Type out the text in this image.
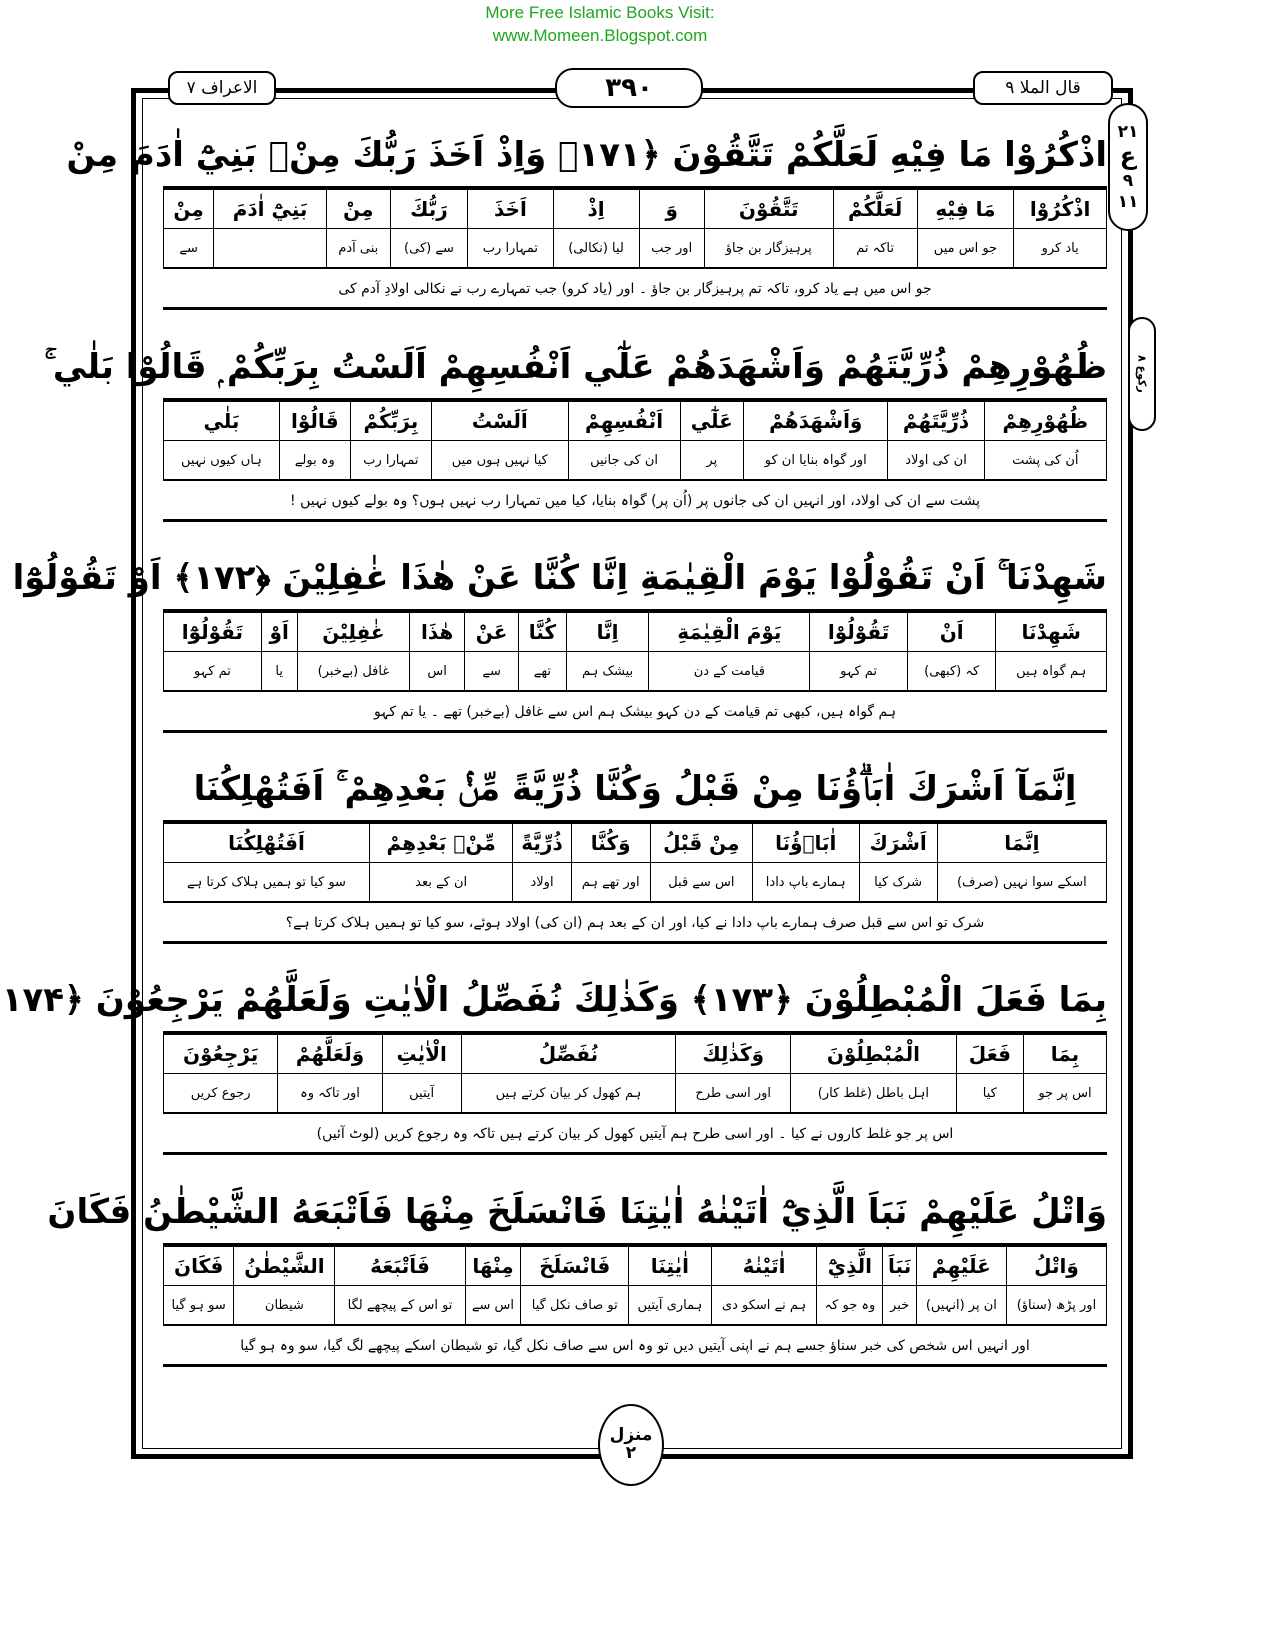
More Free Islamic Books Visit:
www.Momeen.Blogspot.com
قال الملا ۹
۳۹۰
الاعراف ۷
۲۱
ع
۹
۱۱
رکوع ۸
اذْكُرُوْا مَا فِيْهِ لَعَلَّكُمْ تَتَّقُوْنَ ﴿۱۷۱﴾ وَاِذْ اَخَذَ رَبُّكَ مِنْۢ بَنِيْٓ اٰدَمَ مِنْ
اذْكُرُوْا	مَا فِيْهِ	لَعَلَّكُمْ	تَتَّقُوْنَ	وَ	اِذْ	اَخَذَ	رَبُّكَ	مِنْ	بَنِيْٓ اٰدَمَ	مِنْ
یاد کرو	جو اس میں	تاکہ تم	پرہیزگار بن جاؤ	اور جب	لیا (نکالی)	تمہارا رب	سے (کی)	بنی آدم		سے
جو اس میں ہے یاد کرو، تاکہ تم پرہیزگار بن جاؤ ۔ اور (یاد کرو) جب تمہارے رب نے نکالی اولادِ آدم کی
ظُهُوْرِهِمْ ذُرِّيَّتَهُمْ وَاَشْهَدَهُمْ عَلٰٓي اَنْفُسِهِمْ اَلَسْتُ بِرَبِّكُمْ ۭ قَالُوْا بَلٰي ۚ
ظُهُوْرِهِمْ	ذُرِّيَّتَهُمْ	وَاَشْهَدَهُمْ	عَلٰٓي	اَنْفُسِهِمْ	اَلَسْتُ	بِرَبِّكُمْ	قَالُوْا	بَلٰي
اُن کی پشت	ان کی اولاد	اور گواہ بنایا ان کو	پر	ان کی جانیں	کیا نہیں ہوں میں	تمہارا رب	وہ بولے	ہاں کیوں نہیں
پشت سے ان کی اولاد، اور انہیں ان کی جانوں پر (اُن پر) گواہ بنایا، کیا میں تمہارا رب نہیں ہوں؟ وہ بولے کیوں نہیں !
شَهِدْنَا ۚ اَنْ تَقُوْلُوْا يَوْمَ الْقِيٰمَةِ اِنَّا كُنَّا عَنْ هٰذَا غٰفِلِيْنَ ﴿۱۷۲﴾ اَوْ تَقُوْلُوْٓا
شَهِدْنَا	اَنْ	تَقُوْلُوْا	يَوْمَ الْقِيٰمَةِ	اِنَّا	كُنَّا	عَنْ	هٰذَا	غٰفِلِيْنَ	اَوْ	تَقُوْلُوْٓا
ہم گواہ ہیں	کہ (کبھی)	تم کہو	قیامت کے دن	بیشک ہم	تھے	سے	اس	غافل (بےخبر)	یا	تم کہو
ہم گواہ ہیں، کبھی تم قیامت کے دن کہو بیشک ہم اس سے غافل (بےخبر) تھے ۔ یا تم کہو
اِنَّمَآ اَشْرَكَ اٰبَاۗؤُنَا مِنْ قَبْلُ وَكُنَّا ذُرِّيَّةً مِّنْۢ بَعْدِهِمْ ۚ اَفَتُهْلِكُنَا
اِنَّمَا	اَشْرَكَ	اٰبَاۗؤُنَا	مِنْ قَبْلُ	وَكُنَّا	ذُرِّيَّةً	مِّنْۢ بَعْدِهِمْ	اَفَتُهْلِكُنَا
اسکے سوا نہیں (صرف)	شرک کیا	ہمارے باپ دادا	اس سے قبل	اور تھے ہم	اولاد	ان کے بعد	سو کیا تو ہمیں ہلاک کرتا ہے
شرک تو اس سے قبل صرف ہمارے باپ دادا نے کیا، اور ان کے بعد ہم (ان کی) اولاد ہوئے، سو کیا تو ہمیں ہلاک کرتا ہے؟
بِمَا فَعَلَ الْمُبْطِلُوْنَ ﴿۱۷۳﴾ وَكَذٰلِكَ نُفَصِّلُ الْاٰيٰتِ وَلَعَلَّهُمْ يَرْجِعُوْنَ ﴿۱۷۴
بِمَا	فَعَلَ	الْمُبْطِلُوْنَ	وَكَذٰلِكَ	نُفَصِّلُ	الْاٰيٰتِ	وَلَعَلَّهُمْ	يَرْجِعُوْنَ
اس پر جو	کیا	اہل باطل (غلط کار)	اور اسی طرح	ہم کھول کر بیان کرتے ہیں	آیتیں	اور تاکہ وہ	رجوع کریں
اس پر جو غلط کاروں نے کیا ۔ اور اسی طرح ہم آیتیں کھول کر بیان کرتے ہیں تاکہ وہ رجوع کریں (لوٹ آئیں)
وَاتْلُ عَلَيْهِمْ نَبَاَ الَّذِيْٓ اٰتَيْنٰهُ اٰيٰتِنَا فَانْسَلَخَ مِنْهَا فَاَتْبَعَهُ الشَّيْطٰنُ فَكَانَ
وَاتْلُ	عَلَيْهِمْ	نَبَاَ	الَّذِيْٓ	اٰتَيْنٰهُ	اٰيٰتِنَا	فَانْسَلَخَ	مِنْهَا	فَاَتْبَعَهُ	الشَّيْطٰنُ	فَكَانَ
اور پڑھ (سناؤ)	ان پر (انہیں)	خبر	وہ جو کہ	ہم نے اسکو دی	ہماری آیتیں	تو صاف نکل گیا	اس سے	تو اس کے پیچھے لگا	شیطان	سو ہو گیا
اور انہیں اس شخص کی خبر سناؤ جسے ہم نے اپنی آیتیں دیں تو وہ اس سے صاف نکل گیا، تو شیطان اسکے پیچھے لگ گیا، سو وہ ہو گیا
منزل
۲
